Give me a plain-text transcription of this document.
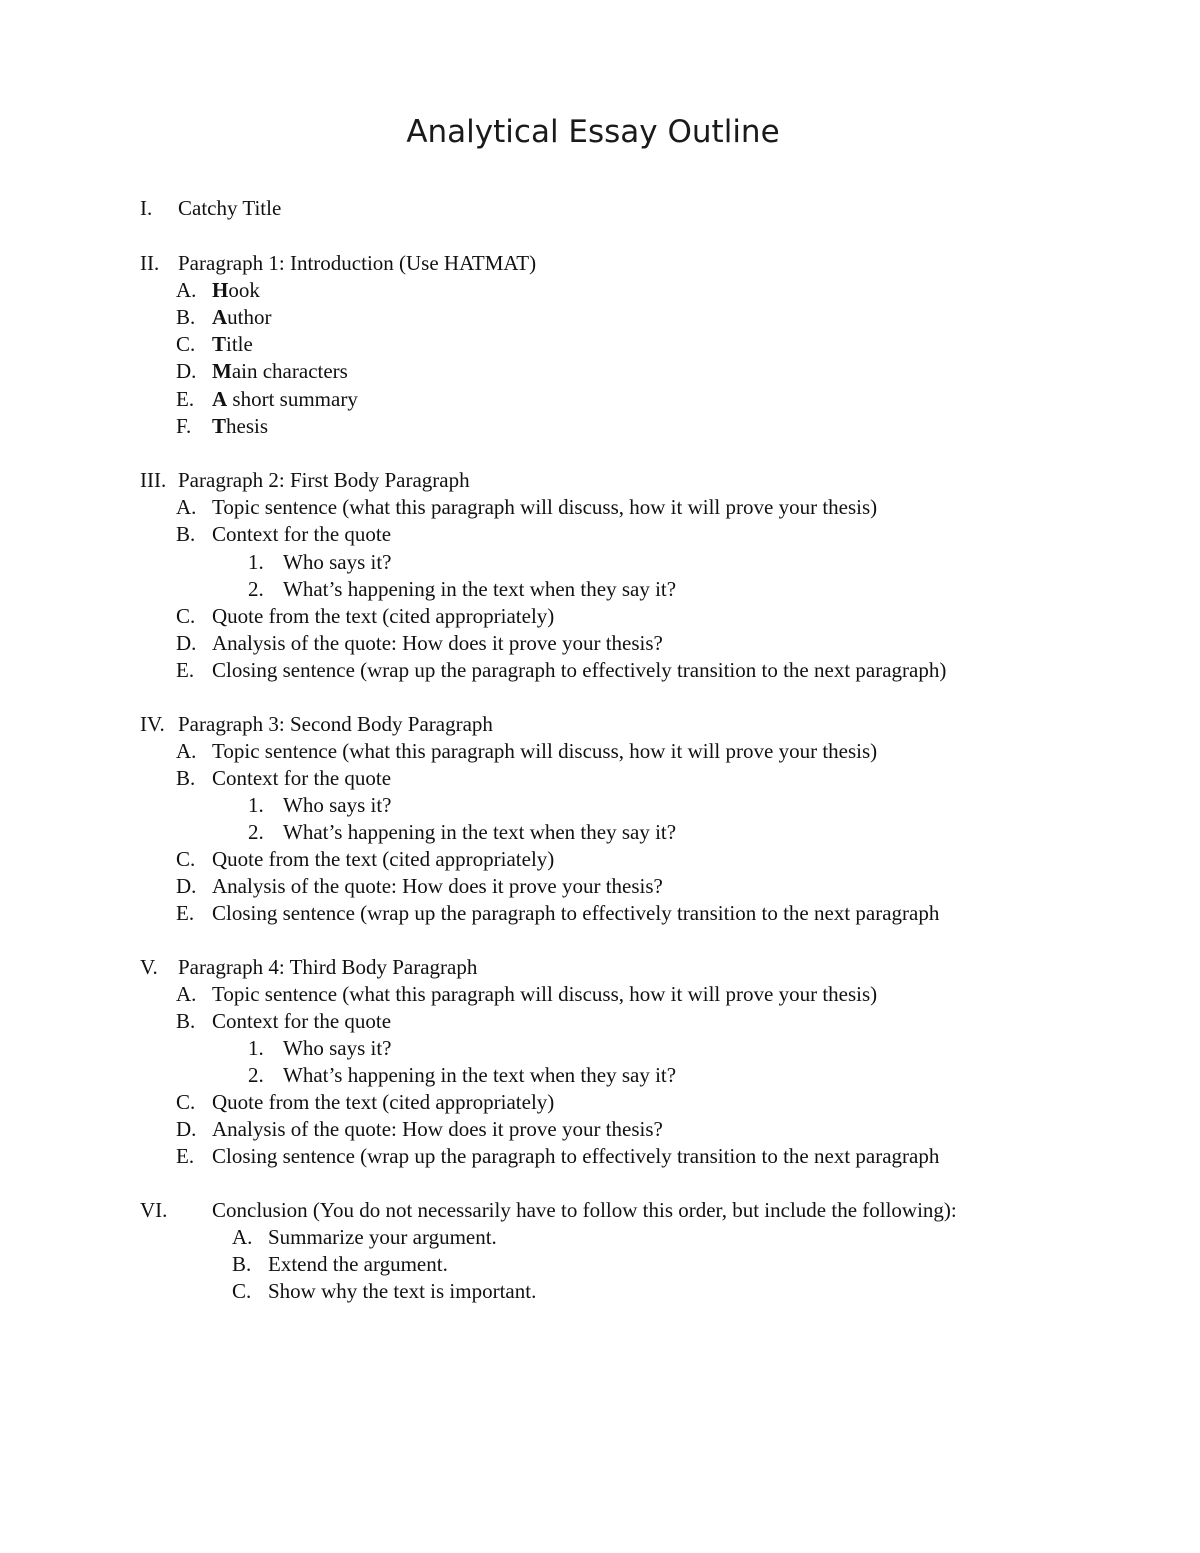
Analytical Essay Outline
I. Catchy Title
II. Paragraph 1: Introduction (Use HATMAT)
A. Hook
B. Author
C. Title
D. Main characters
E. A short summary
F. Thesis
III. Paragraph 2: First Body Paragraph
A. Topic sentence (what this paragraph will discuss, how it will prove your thesis)
B. Context for the quote
1. Who says it?
2. What’s happening in the text when they say it?
C. Quote from the text (cited appropriately)
D. Analysis of the quote: How does it prove your thesis?
E. Closing sentence (wrap up the paragraph to effectively transition to the next paragraph)
IV. Paragraph 3: Second Body Paragraph
A. Topic sentence (what this paragraph will discuss, how it will prove your thesis)
B. Context for the quote
1. Who says it?
2. What’s happening in the text when they say it?
C. Quote from the text (cited appropriately)
D. Analysis of the quote: How does it prove your thesis?
E. Closing sentence (wrap up the paragraph to effectively transition to the next paragraph
V. Paragraph 4: Third Body Paragraph
A. Topic sentence (what this paragraph will discuss, how it will prove your thesis)
B. Context for the quote
1. Who says it?
2. What’s happening in the text when they say it?
C. Quote from the text (cited appropriately)
D. Analysis of the quote: How does it prove your thesis?
E. Closing sentence (wrap up the paragraph to effectively transition to the next paragraph
VI. Conclusion (You do not necessarily have to follow this order, but include the following):
A. Summarize your argument.
B. Extend the argument.
C. Show why the text is important.
